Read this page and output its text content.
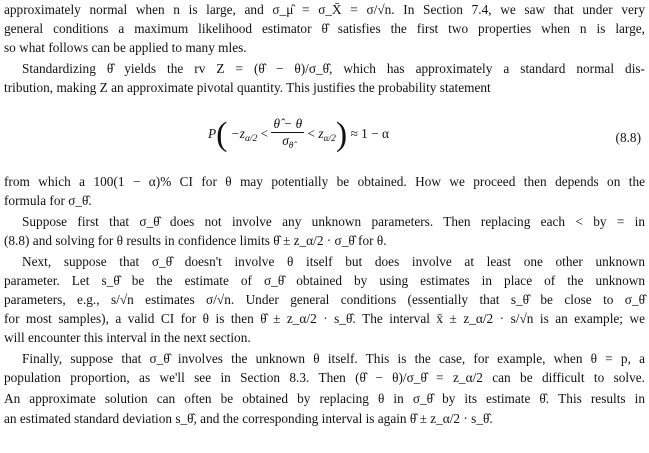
approximately normal when n is large, and σ_μ̂ = σ_X̄ = σ/√n. In Section 7.4, we saw that under very
general conditions a maximum likelihood estimator θ̂ satisfies the first two properties when n is large,
so what follows can be applied to many mles.
Standardizing θ̂ yields the rv Z = (θ̂ − θ)/σ_θ̂, which has approximately a standard normal dis-
tribution, making Z an approximate pivotal quantity. This justifies the probability statement
$P( -z_{\alpha/2} < \frac{\thetâ - \theta}{\sigma_{\thetâ}} < z_{\alpha/2}) \approx 1 - \alpha$	(8.8)
from which a 100(1 − α)% CI for θ may potentially be obtained. How we proceed then depends on the
formula for σ_θ̂.
Suppose first that σ_θ̂ does not involve any unknown parameters. Then replacing each < by = in
(8.8) and solving for θ results in confidence limits θ̂ ± z_α/2 · σ_θ̂ for θ.
Next, suppose that σ_θ̂ doesn't involve θ itself but does involve at least one other unknown
parameter. Let s_θ̂ be the estimate of σ_θ̂ obtained by using estimates in place of the unknown
parameters, e.g., s/√n estimates σ/√n. Under general conditions (essentially that s_θ̂ be close to σ_θ̂
for most samples), a valid CI for θ is then θ̂ ± z_α/2 · s_θ̂. The interval x̄ ± z_α/2 · s/√n is an example; we
will encounter this interval in the next section.
Finally, suppose that σ_θ̂ involves the unknown θ itself. This is the case, for example, when θ = p, a
population proportion, as we'll see in Section 8.3. Then (θ̂ − θ)/σ_θ̂ = z_α/2 can be difficult to solve.
An approximate solution can often be obtained by replacing θ in σ_θ̂ by its estimate θ̂. This results in
an estimated standard deviation s_θ̂, and the corresponding interval is again θ̂ ± z_α/2 · s_θ̂.
